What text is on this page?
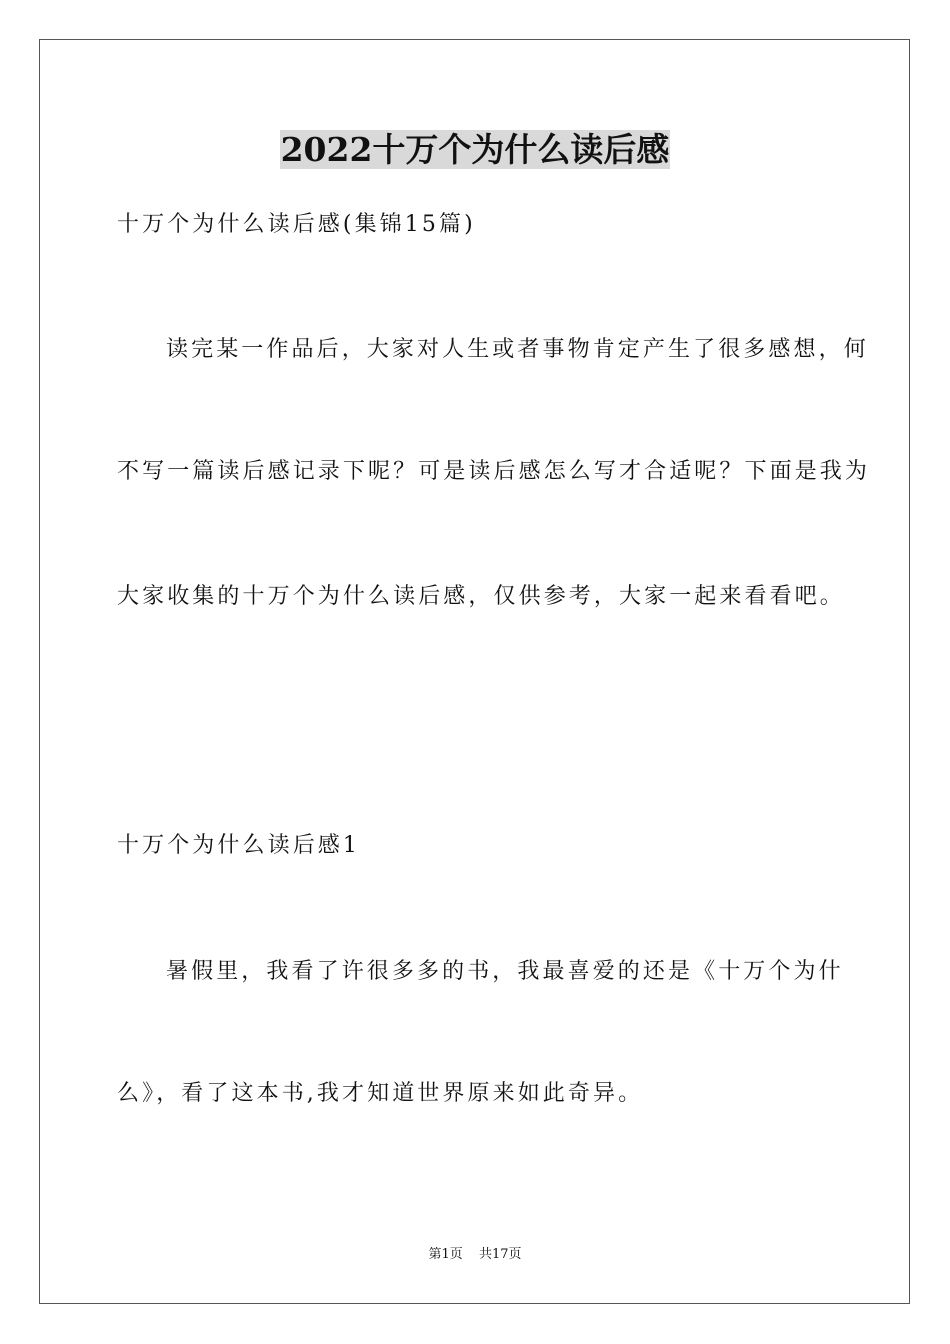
2022十万个为什么读后感
十万个为什么读后感(集锦15篇)
读完某一作品后，大家对人生或者事物肯定产生了很多感想，何
不写一篇读后感记录下呢？可是读后感怎么写才合适呢？下面是我为
大家收集的十万个为什么读后感，仅供参考，大家一起来看看吧。
十万个为什么读后感1
暑假里，我看了许很多多的书，我最喜爱的还是《十万个为什
么》，看了这本书,我才知道世界原来如此奇异。
第1页 共17页
